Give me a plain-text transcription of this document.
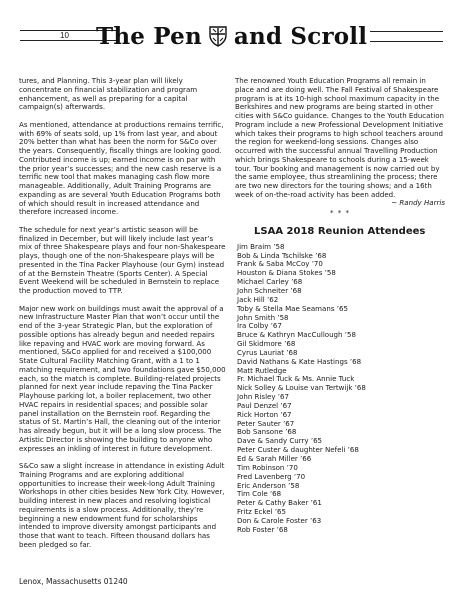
10 The Pen and Scroll

tures, and Planning. This 3-year plan will likely concentrate on financial stabilization and program enhancement, as well as preparing for a capital campaign(s) afterwards.

As mentioned, attendance at productions remains terrific, with 69% of seats sold, up 1% from last year, and about 20% better than what has been the norm for S&Co over the years. Consequently, fiscally things are looking good. Contributed income is up; earned income is on par with the prior year’s successes; and the new cash reserve is a terrific new tool that makes managing cash flow more manageable. Additionally, Adult Training Programs are expanding as are several Youth Education Programs both of which should result in increased attendance and therefore increased income.

The schedule for next year’s artistic season will be finalized in December, but will likely include last year’s mix of three Shakespeare plays and four non-Shakespeare plays, though one of the non-Shakespeare plays will be presented in the Tina Packer Playhouse (our Gym) instead of at the Bernstein Theatre (Sports Center). A Special Event Weekend will be scheduled in Bernstein to replace the production moved to TTP.

Major new work on buildings must await the approval of a new Infrastructure Master Plan that won’t occur until the end of the 3-year Strategic Plan, but the exploration of possible options has already begun and needed repairs like repaving and HVAC work are moving forward. As mentioned, S&Co applied for and received a $100,000 State Cultural Facility Matching Grant, with a 1 to 1 matching requirement, and two foundations gave $50,000 each, so the match is complete. Building-related projects planned for next year include repaving the Tina Packer Playhouse parking lot, a boiler replacement, two other HVAC repairs in residential spaces; and possible solar panel installation on the Bernstein roof. Regarding the status of St. Martin’s Hall, the cleaning out of the interior has already begun, but it will be a long slow process. The Artistic Director is showing the building to anyone who expresses an inkling of interest in future development.

S&Co saw a slight increase in attendance in existing Adult Training Programs and are exploring additional opportunities to increase their week-long Adult Training Workshops in other cities besides New York City. However, building interest in new places and resolving logistical requirements is a slow process. Additionally, they’re beginning a new endowment fund for scholarships intended to improve diversity amongst participants and those that want to teach. Fifteen thousand dollars has been pledged so far.

The renowned Youth Education Programs all remain in place and are doing well. The Fall Festival of Shakespeare program is at its 10-high school maximum capacity in the Berkshires and new programs are being started in other cities with S&Co guidance. Changes to the Youth Education Program include a new Professional Development Initiative which takes their programs to high school teachers around the region for weekend-long sessions. Changes also occurred with the successful annual Travelling Production which brings Shakespeare to schools during a 15-week tour. Tour booking and management is now carried out by the same employee, thus streamlining the process; there are two new directors for the touring shows; and a 16th week of on-the-road activity has been added.

~ Randy Harris
* * *
LSAA 2018 Reunion Attendees
Jim Braim ’58
Bob & Linda Tschilske ’68
Frank & Saba McCoy ’70
Houston & Diana Stokes ’58
Michael Carley ’68
John Schneiter ’68
Jack Hill ’62
Toby & Stella Mae Seamans ’65
John Smith ’58
Ira Colby ’67
Bruce & Kathryn MacCullough ’58
Gil Skidmore ’68
Cyrus Lauriat ’68
David Nathans & Kate Hastings ’68
Matt Rutledge
Fr. Michael Tuck & Ms. Annie Tuck
Nick Solley & Louise van Tertwijk ’68
John Risley ’67
Paul Denzel ’67
Rick Horton ’67
Peter Sauter ’67
Bob Sansone ’68
Dave & Sandy Curry ’65
Peter Custer & daughter Nefeli ’68
Ed & Sarah Miller ’66
Tim Robinson ’70
Fred Lavenberg ’70
Eric Anderson ’58
Tim Cole ’68
Peter & Cathy Baker ’61
Fritz Eckel ’65
Don & Carole Foster ’63
Rob Foster ’68
Lenox, Massachusetts 01240
